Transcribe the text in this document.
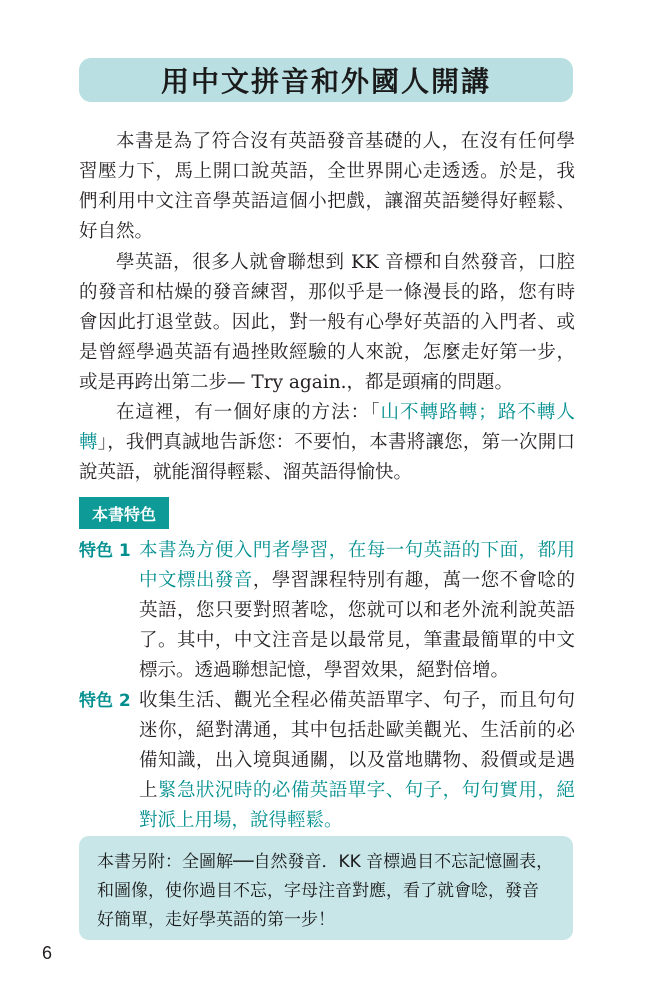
用中文拼音和外國人開講

本書是為了符合沒有英語發音基礎的人，在沒有任何學習壓力下，馬上開口說英語，全世界開心走透透。於是，我們利用中文注音學英語這個小把戲，讓溜英語變得好輕鬆、好自然。

學英語，很多人就會聯想到 KK 音標和自然發音，口腔的發音和枯燥的發音練習，那似乎是一條漫長的路，您有時會因此打退堂鼓。因此，對一般有心學好英語的入門者、或是曾經學過英語有過挫敗經驗的人來說，怎麼走好第一步，或是再跨出第二步— Try again.，都是頭痛的問題。

在這裡，有一個好康的方法：「山不轉路轉；路不轉人轉」，我們真誠地告訴您：不要怕，本書將讓您，第一次開口說英語，就能溜得輕鬆、溜英語得愉快。

本書特色
特色 1 本書為方便入門者學習，在每一句英語的下面，都用中文標出發音，學習課程特別有趣，萬一您不會唸的英語，您只要對照著唸，您就可以和老外流利說英語了。其中，中文注音是以最常見，筆畫最簡單的中文標示。透過聯想記憶，學習效果，絕對倍增。
特色 2 收集生活、觀光全程必備英語單字、句子，而且句句迷你，絕對溝通，其中包括赴歐美觀光、生活前的必備知識，出入境與通關，以及當地購物、殺價或是遇上緊急狀況時的必備英語單字、句子，句句實用，絕對派上用場，說得輕鬆。

本書另附：全圖解──自然發音．KK 音標過目不忘記憶圖表，和圖像，使你過目不忘，字母注音對應，看了就會唸，發音好簡單，走好學英語的第一步！

6
